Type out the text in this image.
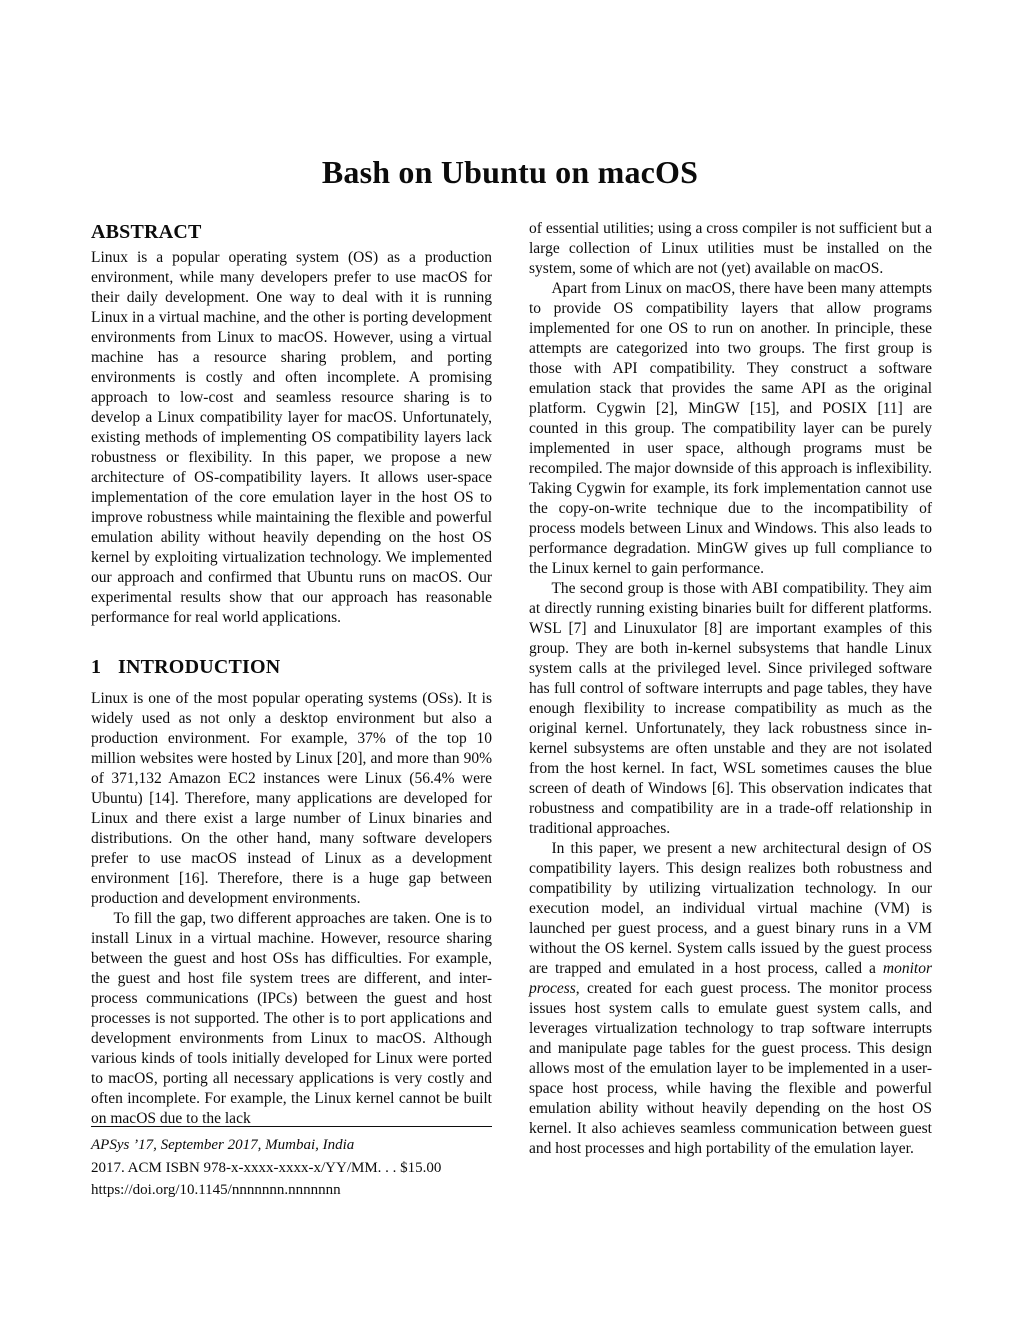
Bash on Ubuntu on macOS
ABSTRACT

Linux is a popular operating system (OS) as a production environment, while many developers prefer to use macOS for their daily development. One way to deal with it is running Linux in a virtual machine, and the other is porting development environments from Linux to macOS. However, using a virtual machine has a resource sharing problem, and porting environments is costly and often incomplete. A promising approach to low-cost and seamless resource sharing is to develop a Linux compatibility layer for macOS. Unfortunately, existing methods of implementing OS compatibility layers lack robustness or flexibility. In this paper, we propose a new architecture of OS-compatibility layers. It allows user-space implementation of the core emulation layer in the host OS to improve robustness while maintaining the flexible and powerful emulation ability without heavily depending on the host OS kernel by exploiting virtualization technology. We implemented our approach and confirmed that Ubuntu runs on macOS. Our experimental results show that our approach has reasonable performance for real world applications.

1 INTRODUCTION

Linux is one of the most popular operating systems (OSs). It is widely used as not only a desktop environment but also a production environment. For example, 37% of the top 10 million websites were hosted by Linux [20], and more than 90% of 371,132 Amazon EC2 instances were Linux (56.4% were Ubuntu) [14]. Therefore, many applications are developed for Linux and there exist a large number of Linux binaries and distributions. On the other hand, many software developers prefer to use macOS instead of Linux as a development environment [16]. Therefore, there is a huge gap between production and development environments.

To fill the gap, two different approaches are taken. One is to install Linux in a virtual machine. However, resource sharing between the guest and host OSs has difficulties. For example, the guest and host file system trees are different, and inter-process communications (IPCs) between the guest and host processes is not supported. The other is to port applications and development environments from Linux to macOS. Although various kinds of tools initially developed for Linux were ported to macOS, porting all necessary applications is very costly and often incomplete. For example, the Linux kernel cannot be built on macOS due to the lack

of essential utilities; using a cross compiler is not sufficient but a large collection of Linux utilities must be installed on the system, some of which are not (yet) available on macOS.

Apart from Linux on macOS, there have been many attempts to provide OS compatibility layers that allow programs implemented for one OS to run on another. In principle, these attempts are categorized into two groups. The first group is those with API compatibility. They construct a software emulation stack that provides the same API as the original platform. Cygwin [2], MinGW [15], and POSIX [11] are counted in this group. The compatibility layer can be purely implemented in user space, although programs must be recompiled. The major downside of this approach is inflexibility. Taking Cygwin for example, its fork implementation cannot use the copy-on-write technique due to the incompatibility of process models between Linux and Windows. This also leads to performance degradation. MinGW gives up full compliance to the Linux kernel to gain performance.

The second group is those with ABI compatibility. They aim at directly running existing binaries built for different platforms. WSL [7] and Linuxulator [8] are important examples of this group. They are both in-kernel subsystems that handle Linux system calls at the privileged level. Since privileged software has full control of software interrupts and page tables, they have enough flexibility to increase compatibility as much as the original kernel. Unfortunately, they lack robustness since in-kernel subsystems are often unstable and they are not isolated from the host kernel. In fact, WSL sometimes causes the blue screen of death of Windows [6]. This observation indicates that robustness and compatibility are in a trade-off relationship in traditional approaches.

In this paper, we present a new architectural design of OS compatibility layers. This design realizes both robustness and compatibility by utilizing virtualization technology. In our execution model, an individual virtual machine (VM) is launched per guest process, and a guest binary runs in a VM without the OS kernel. System calls issued by the guest process are trapped and emulated in a host process, called a monitor process, created for each guest process. The monitor process issues host system calls to emulate guest system calls, and leverages virtualization technology to trap software interrupts and manipulate page tables for the guest process. This design allows most of the emulation layer to be implemented in a user-space host process, while having the flexible and powerful emulation ability without heavily depending on the host OS kernel. It also achieves seamless communication between guest and host processes and high portability of the emulation layer.

APSys ’17, September 2017, Mumbai, India
2017. ACM ISBN 978-x-xxxx-xxxx-x/YY/MM. . . $15.00
https://doi.org/10.1145/nnnnnnn.nnnnnnn
